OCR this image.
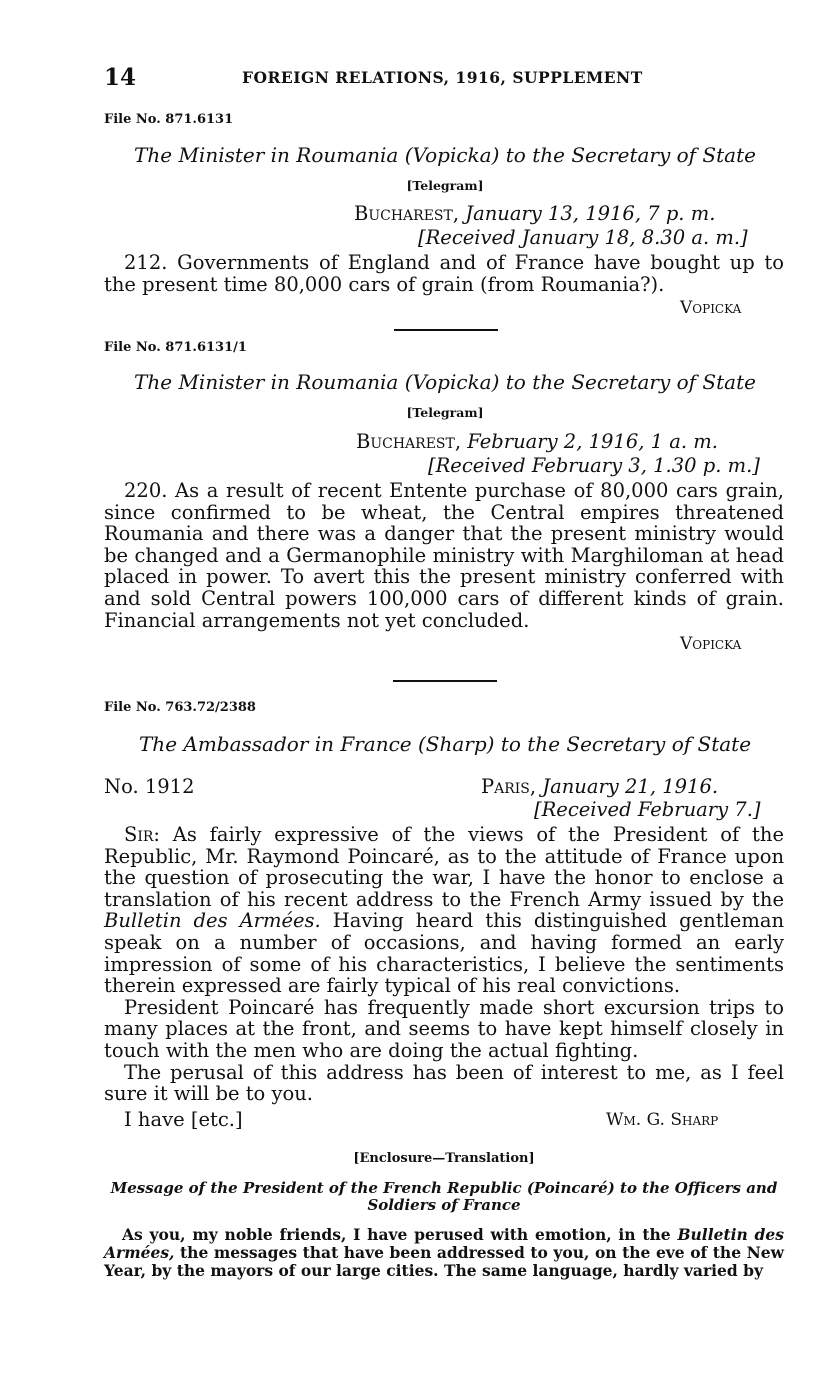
14	FOREIGN RELATIONS, 1916, SUPPLEMENT
File No. 871.6131
The Minister in Roumania (Vopicka) to the Secretary of State
[Telegram]
Bucharest, January 13, 1916, 7 p. m.
[Received January 18, 8.30 a. m.]

212. Governments of England and of France have bought up to the present time 80,000 cars of grain (from Roumania?).

Vopicka
File No. 871.6131/1
The Minister in Roumania (Vopicka) to the Secretary of State
[Telegram]
Bucharest, February 2, 1916, 1 a. m.
[Received February 3, 1.30 p. m.]

220. As a result of recent Entente purchase of 80,000 cars grain, since confirmed to be wheat, the Central empires threatened Roumania and there was a danger that the present ministry would be changed and a Germanophile ministry with Marghiloman at head placed in power. To avert this the present ministry conferred with and sold Central powers 100,000 cars of different kinds of grain. Financial arrangements not yet concluded.

Vopicka
File No. 763.72/2388
The Ambassador in France (Sharp) to the Secretary of State
No. 1912	Paris, January 21, 1916.
[Received February 7.]

Sir: As fairly expressive of the views of the President of the Republic, Mr. Raymond Poincaré, as to the attitude of France upon the question of prosecuting the war, I have the honor to enclose a translation of his recent address to the French Army issued by the Bulletin des Armées. Having heard this distinguished gentleman speak on a number of occasions, and having formed an early impression of some of his characteristics, I believe the sentiments therein expressed are fairly typical of his real convictions.

President Poincaré has frequently made short excursion trips to many places at the front, and seems to have kept himself closely in touch with the men who are doing the actual fighting.

The perusal of this address has been of interest to me, as I feel sure it will be to you.

I have [etc.]	Wm. G. Sharp
[Enclosure—Translation]
Message of the President of the French Republic (Poincaré) to the Officers and
Soldiers of France

As you, my noble friends, I have perused with emotion, in the Bulletin des Armées, the messages that have been addressed to you, on the eve of the New Year, by the mayors of our large cities. The same language, hardly varied by
